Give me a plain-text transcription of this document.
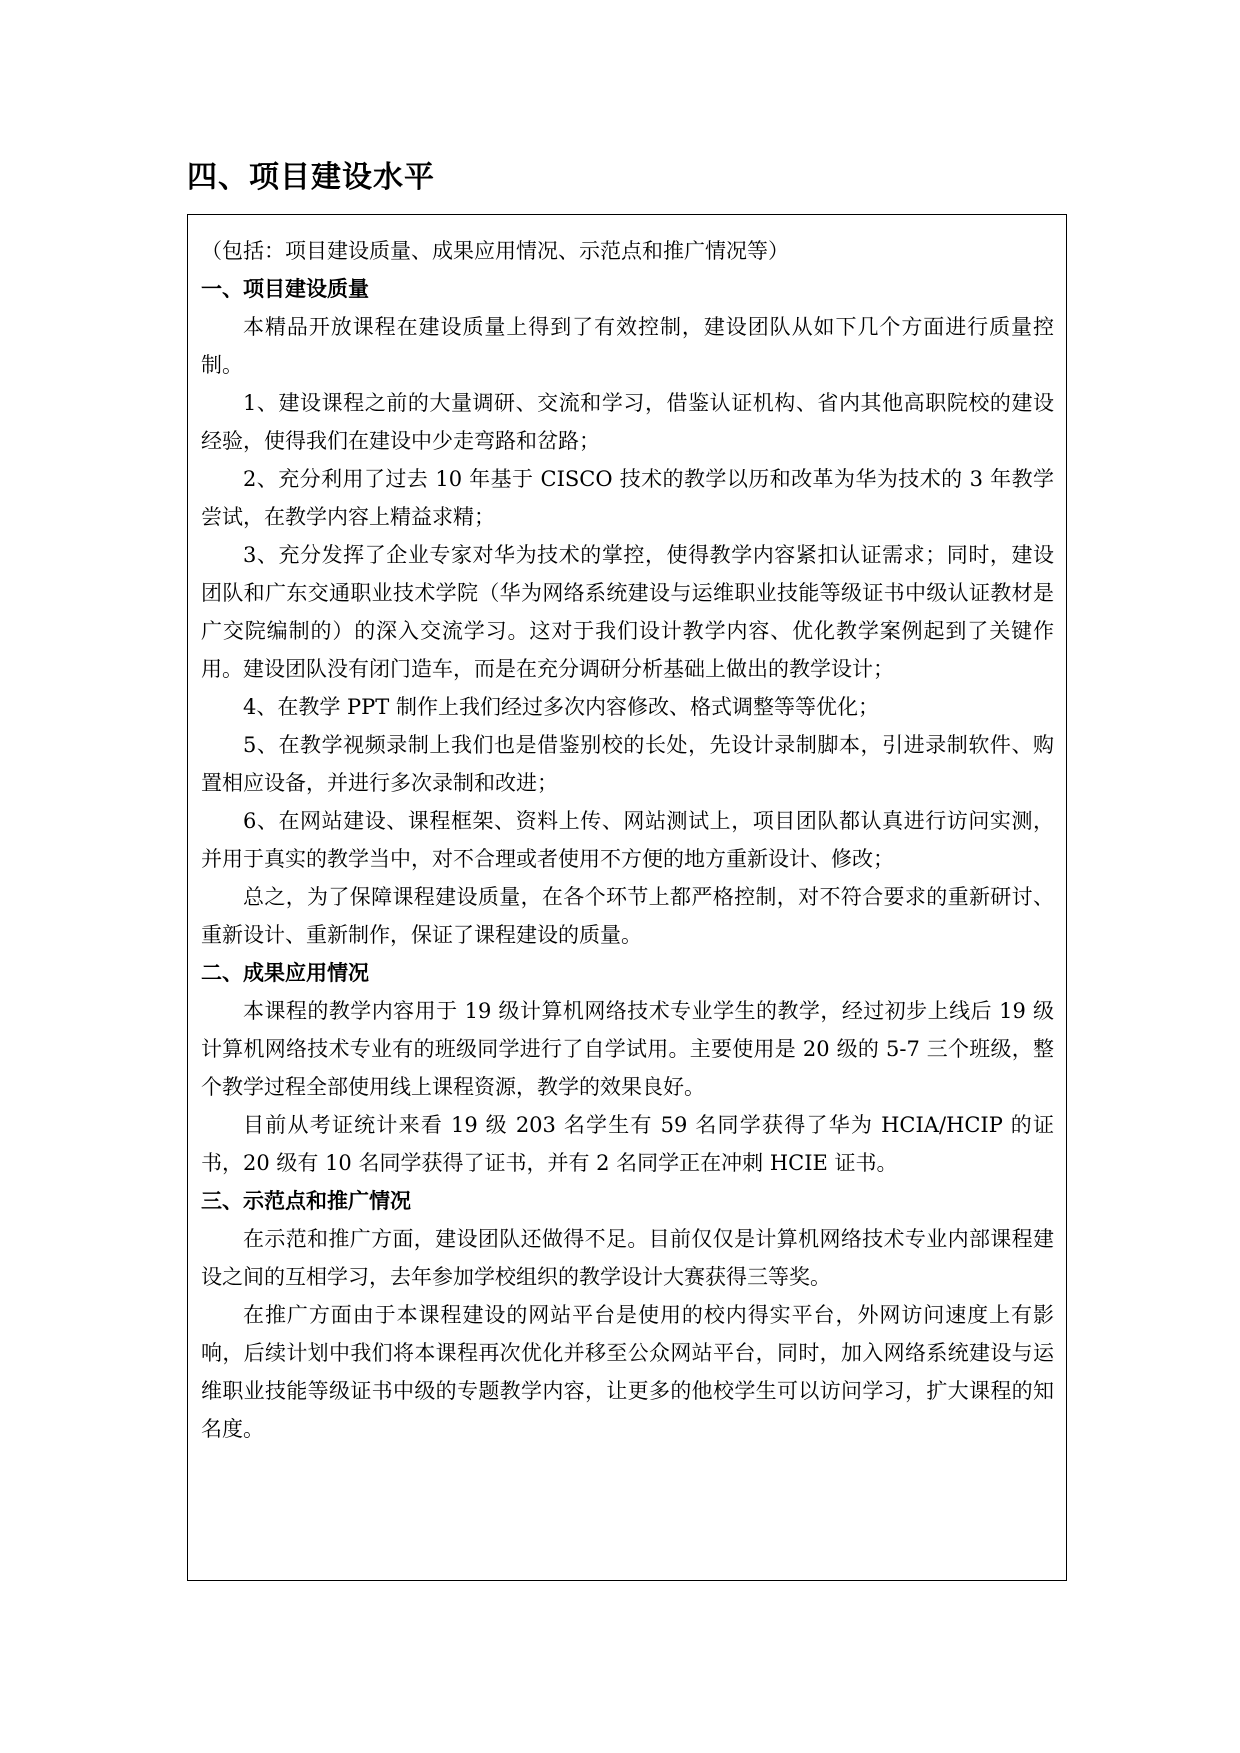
四、项目建设水平

（包括：项目建设质量、成果应用情况、示范点和推广情况等）

一、项目建设质量

本精品开放课程在建设质量上得到了有效控制，建设团队从如下几个方面进行质量控制。

1、建设课程之前的大量调研、交流和学习，借鉴认证机构、省内其他高职院校的建设经验，使得我们在建设中少走弯路和岔路；

2、充分利用了过去 10 年基于 CISCO 技术的教学以历和改革为华为技术的 3 年教学尝试，在教学内容上精益求精；

3、充分发挥了企业专家对华为技术的掌控，使得教学内容紧扣认证需求；同时，建设团队和广东交通职业技术学院（华为网络系统建设与运维职业技能等级证书中级认证教材是广交院编制的）的深入交流学习。这对于我们设计教学内容、优化教学案例起到了关键作用。建设团队没有闭门造车，而是在充分调研分析基础上做出的教学设计；

4、在教学 PPT 制作上我们经过多次内容修改、格式调整等等优化；

5、在教学视频录制上我们也是借鉴别校的长处，先设计录制脚本，引进录制软件、购置相应设备，并进行多次录制和改进；

6、在网站建设、课程框架、资料上传、网站测试上，项目团队都认真进行访问实测，并用于真实的教学当中，对不合理或者使用不方便的地方重新设计、修改；

总之，为了保障课程建设质量，在各个环节上都严格控制，对不符合要求的重新研讨、重新设计、重新制作，保证了课程建设的质量。

二、成果应用情况

本课程的教学内容用于 19 级计算机网络技术专业学生的教学，经过初步上线后 19 级计算机网络技术专业有的班级同学进行了自学试用。主要使用是 20 级的 5-7 三个班级，整个教学过程全部使用线上课程资源，教学的效果良好。

目前从考证统计来看 19 级 203 名学生有 59 名同学获得了华为 HCIA/HCIP 的证书，20 级有 10 名同学获得了证书，并有 2 名同学正在冲刺 HCIE 证书。

三、示范点和推广情况

在示范和推广方面，建设团队还做得不足。目前仅仅是计算机网络技术专业内部课程建设之间的互相学习，去年参加学校组织的教学设计大赛获得三等奖。

在推广方面由于本课程建设的网站平台是使用的校内得实平台，外网访问速度上有影响，后续计划中我们将本课程再次优化并移至公众网站平台，同时，加入网络系统建设与运维职业技能等级证书中级的专题教学内容，让更多的他校学生可以访问学习，扩大课程的知名度。
